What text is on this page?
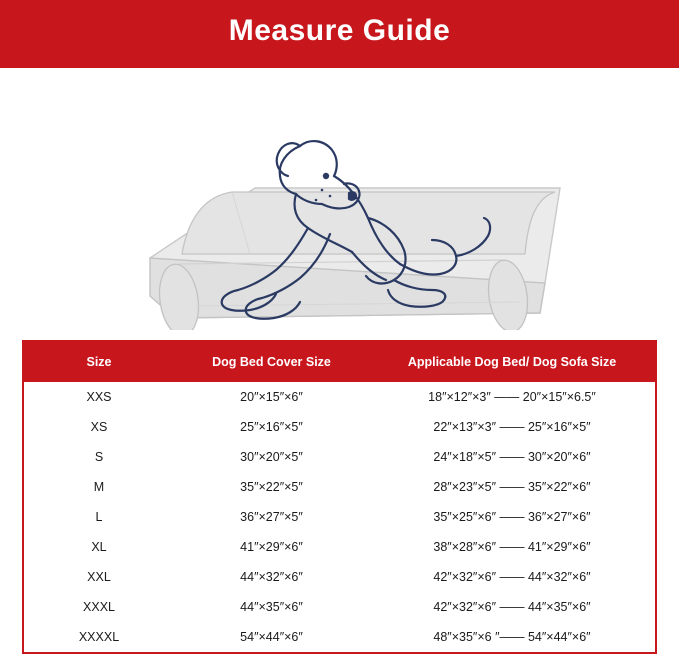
Measure Guide
Size	Dog Bed Cover Size	Applicable Dog Bed/ Dog Sofa Size
XXS	20″×15″×6″	18″×12″×3″ —— 20″×15″×6.5″
XS	25″×16″×5″	22″×13″×3″ —— 25″×16″×5″
S	30″×20″×5″	24″×18″×5″ —— 30″×20″×6″
M	35″×22″×5″	28″×23″×5″ —— 35″×22″×6″
L	36″×27″×5″	35″×25″×6″ —— 36″×27″×6″
XL	41″×29″×6″	38″×28″×6″ —— 41″×29″×6″
XXL	44″×32″×6″	42″×32″×6″ —— 44″×32″×6″
XXXL	44″×35″×6″	42″×32″×6″ —— 44″×35″×6″
XXXXL	54″×44″×6″	48″×35″×6 ″—— 54″×44″×6″
